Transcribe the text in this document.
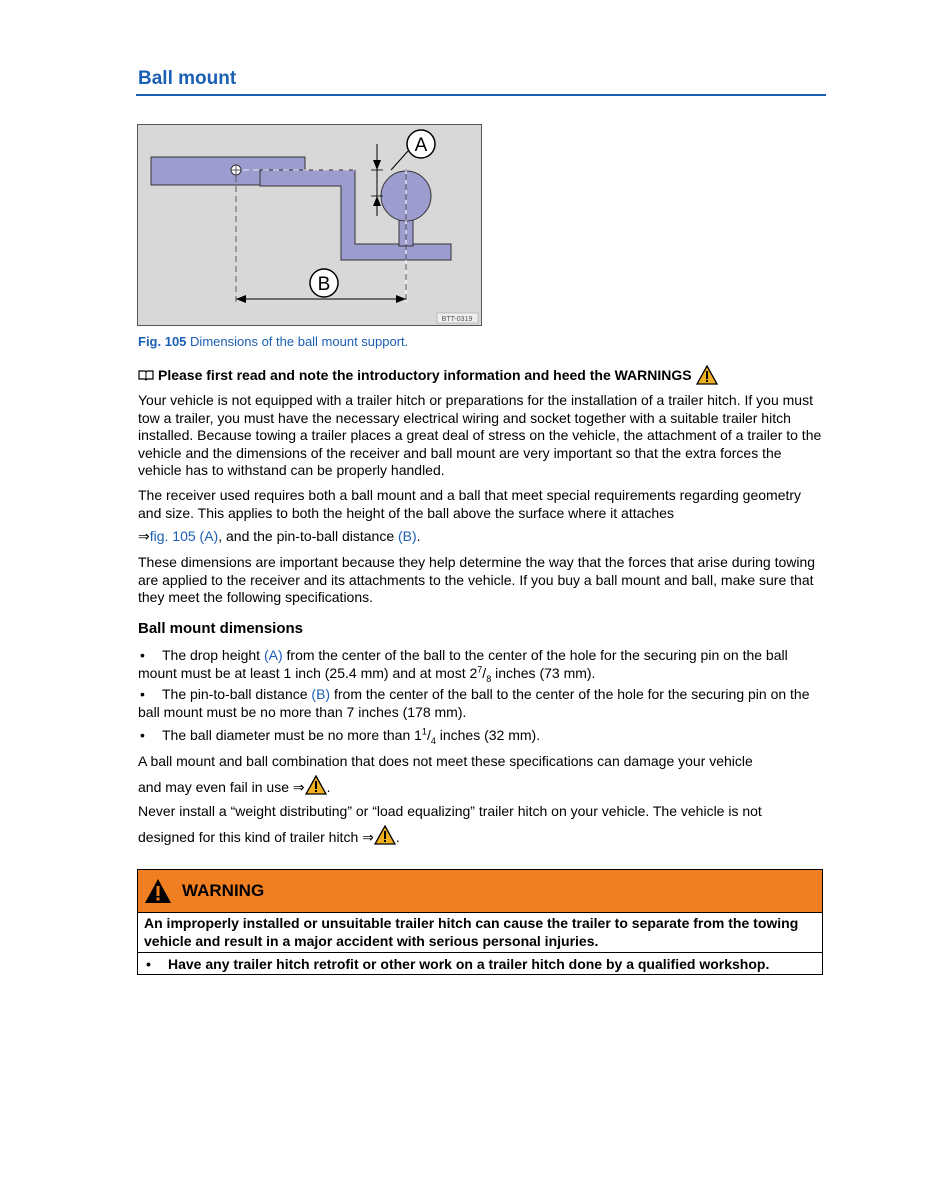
Ball mount
A
B
BTT-0319
Fig. 105 Dimensions of the ball mount support.
Please first read and note the introductory information and heed the WARNINGS

Your vehicle is not equipped with a trailer hitch or preparations for the installation of a trailer hitch. If you must tow a trailer, you must have the necessary electrical wiring and socket together with a suitable trailer hitch installed. Because towing a trailer places a great deal of stress on the vehicle, the attachment of a trailer to the vehicle and the dimensions of the receiver and ball mount are very important so that the extra forces the vehicle has to withstand can be properly handled.

The receiver used requires both a ball mount and a ball that meet special requirements regarding geometry and size. This applies to both the height of the ball above the surface where it attaches

⇒fig. 105 (A), and the pin-to-ball distance (B).

These dimensions are important because they help determine the way that the forces that arise during towing are applied to the receiver and its attachments to the vehicle. If you buy a ball mount and ball, make sure that they meet the following specifications.

Ball mount dimensions

• The drop height (A) from the center of the ball to the center of the hole for the securing pin on the ball mount must be at least 1 inch (25.4 mm) and at most $2^7/_8$ inches (73 mm).

• The pin-to-ball distance (B) from the center of the ball to the center of the hole for the securing pin on the ball mount must be no more than 7 inches (178 mm).

• The ball diameter must be no more than $1^1/_4$ inches (32 mm).

A ball mount and ball combination that does not meet these specifications can damage your vehicle

and may even fail in use ⇒ .

Never install a “weight distributing” or “load equalizing” trailer hitch on your vehicle. The vehicle is not

designed for this kind of trailer hitch ⇒ .

WARNING
An improperly installed or unsuitable trailer hitch can cause the trailer to separate from the towing vehicle and result in a major accident with serious personal injuries.
• Have any trailer hitch retrofit or other work on a trailer hitch done by a qualified workshop.
